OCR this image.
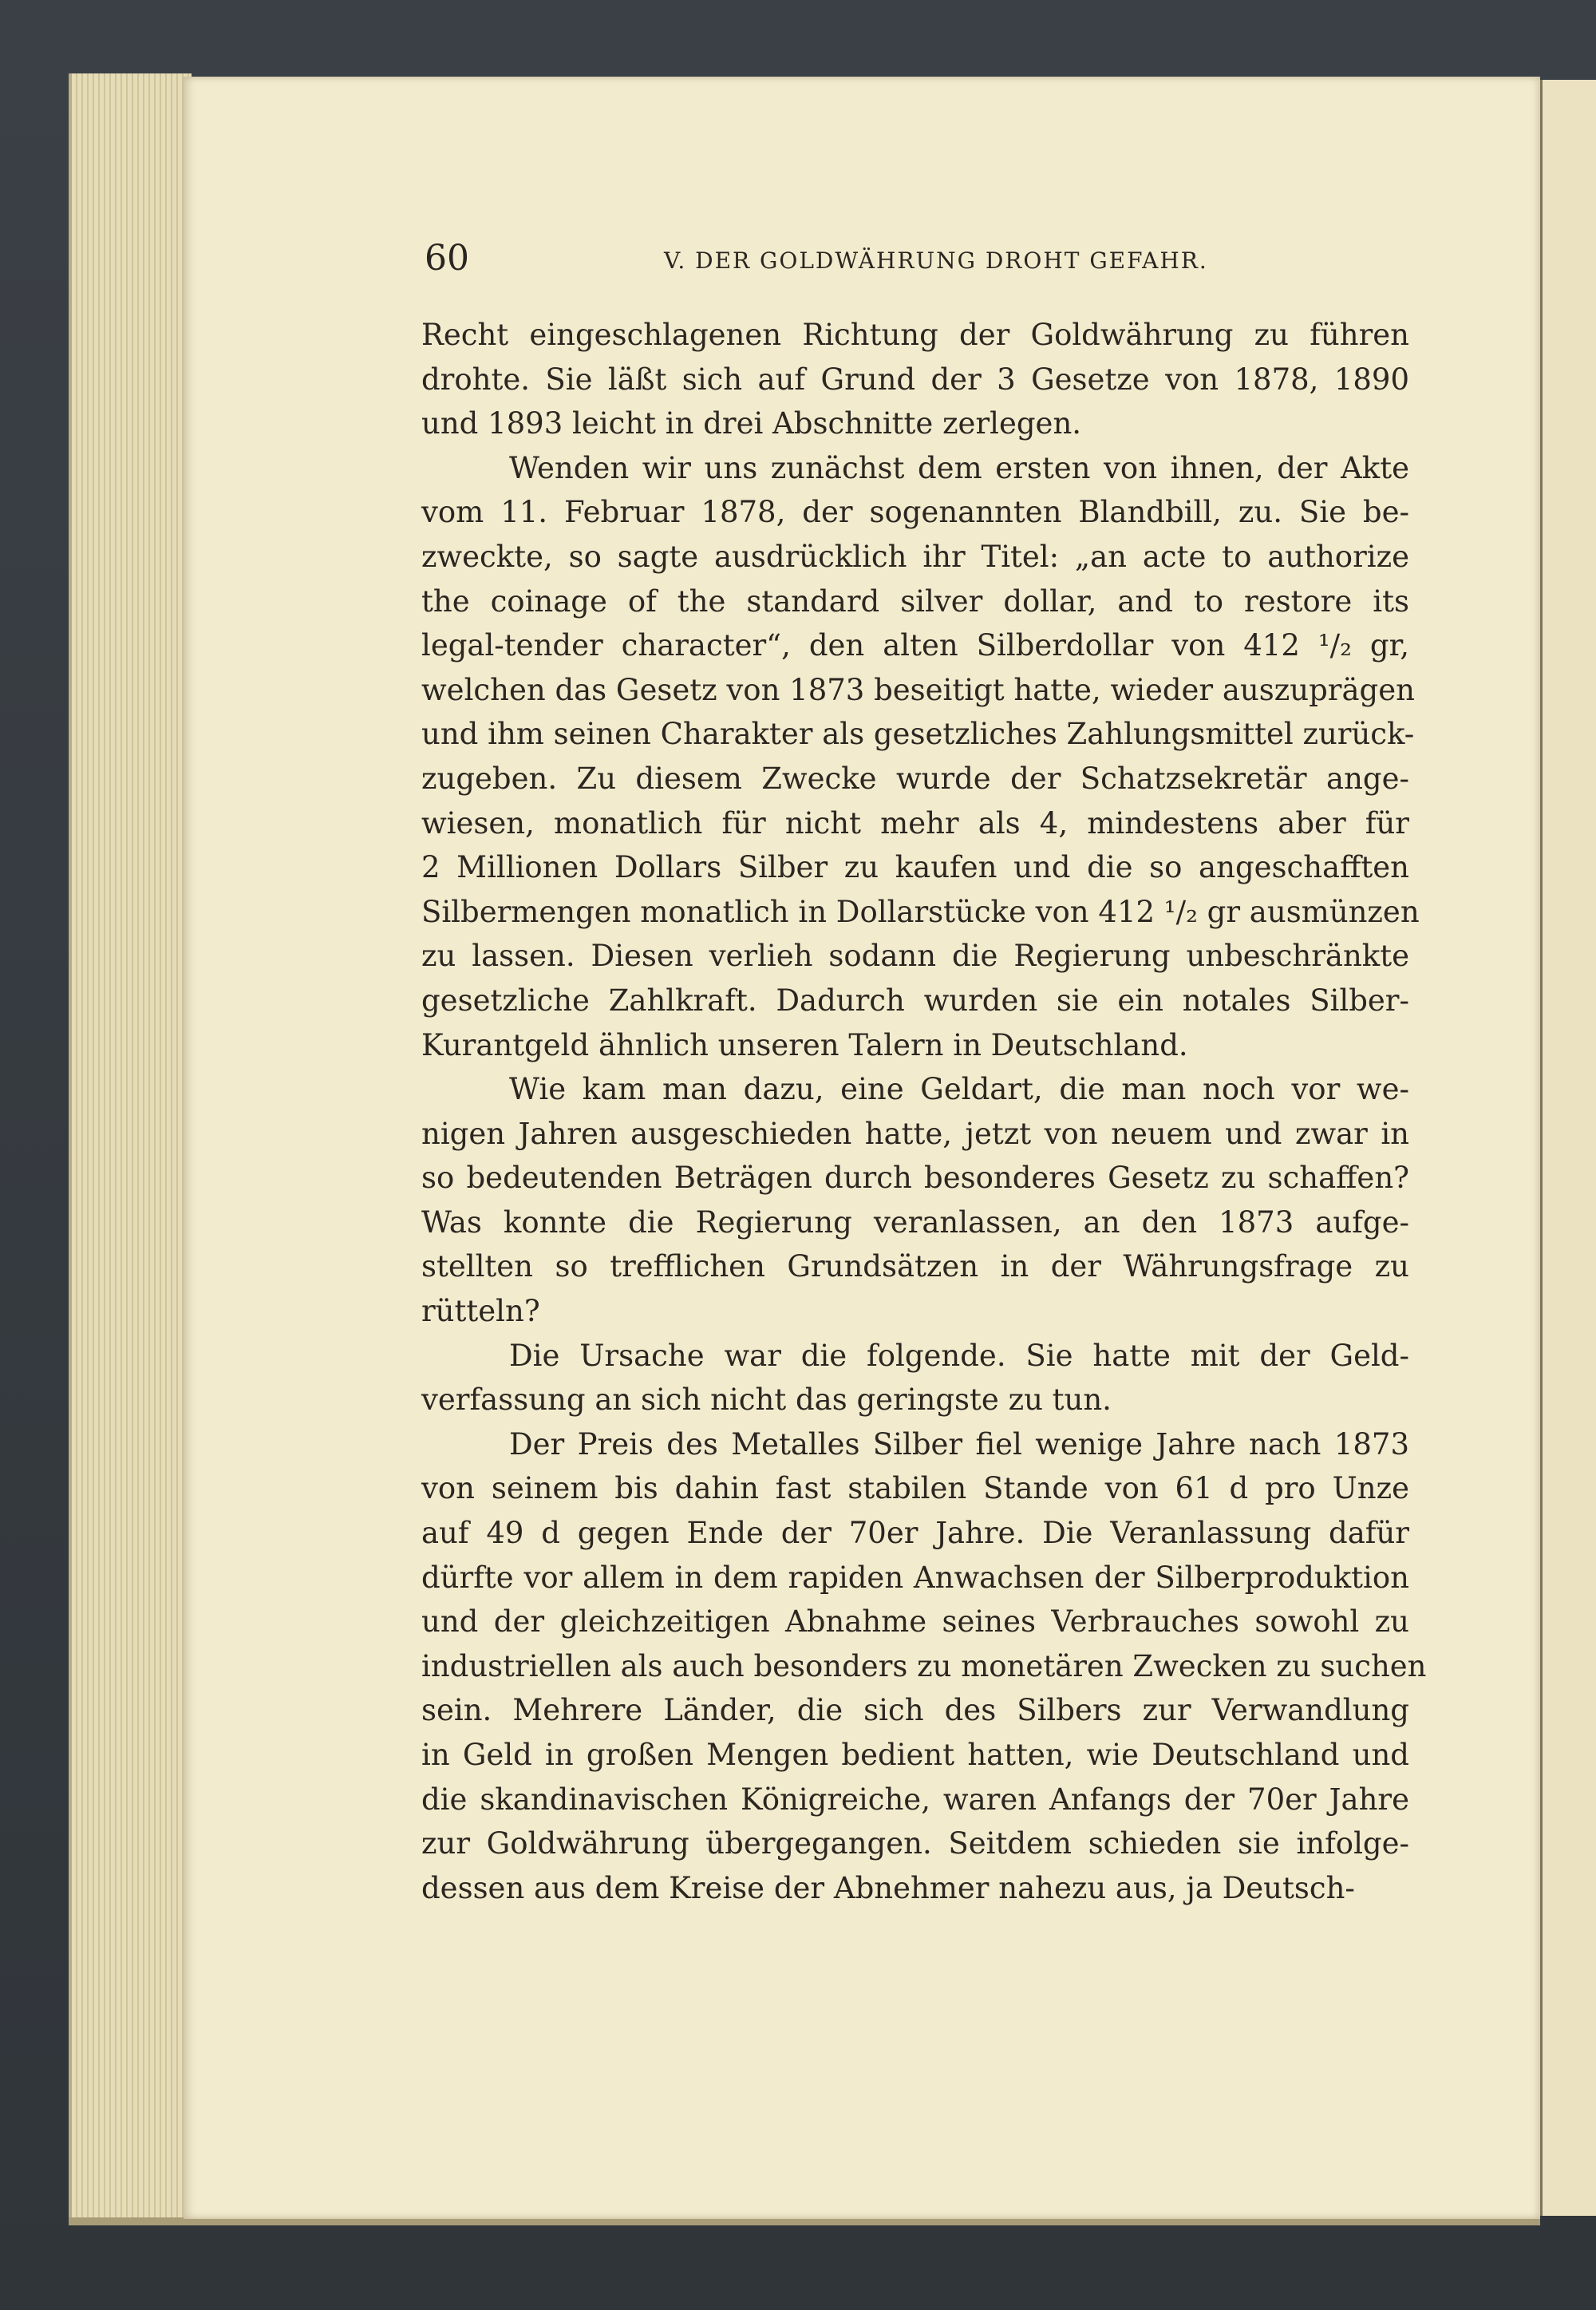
60	V. DER GOLDWÄHRUNG DROHT GEFAHR.
Recht eingeschlagenen Richtung der Goldwährung zu führen
drohte. Sie läßt sich auf Grund der 3 Gesetze von 1878, 1890
und 1893 leicht in drei Abschnitte zerlegen.
Wenden wir uns zunächst dem ersten von ihnen, der Akte
vom 11. Februar 1878, der sogenannten Blandbill, zu. Sie be-
zweckte, so sagte ausdrücklich ihr Titel: „an acte to authorize
the coinage of the standard silver dollar, and to restore its
legal-tender character“, den alten Silberdollar von 412 ¹/₂ gr,
welchen das Gesetz von 1873 beseitigt hatte, wieder auszuprägen
und ihm seinen Charakter als gesetzliches Zahlungsmittel zurück-
zugeben. Zu diesem Zwecke wurde der Schatzsekretär ange-
wiesen, monatlich für nicht mehr als 4, mindestens aber für
2 Millionen Dollars Silber zu kaufen und die so angeschafften
Silbermengen monatlich in Dollarstücke von 412 ¹/₂ gr ausmünzen
zu lassen. Diesen verlieh sodann die Regierung unbeschränkte
gesetzliche Zahlkraft. Dadurch wurden sie ein notales Silber-
Kurantgeld ähnlich unseren Talern in Deutschland.
Wie kam man dazu, eine Geldart, die man noch vor we-
nigen Jahren ausgeschieden hatte, jetzt von neuem und zwar in
so bedeutenden Beträgen durch besonderes Gesetz zu schaffen?
Was konnte die Regierung veranlassen, an den 1873 aufge-
stellten so trefflichen Grundsätzen in der Währungsfrage zu
rütteln?
Die Ursache war die folgende. Sie hatte mit der Geld-
verfassung an sich nicht das geringste zu tun.
Der Preis des Metalles Silber fiel wenige Jahre nach 1873
von seinem bis dahin fast stabilen Stande von 61 d pro Unze
auf 49 d gegen Ende der 70er Jahre. Die Veranlassung dafür
dürfte vor allem in dem rapiden Anwachsen der Silberproduktion
und der gleichzeitigen Abnahme seines Verbrauches sowohl zu
industriellen als auch besonders zu monetären Zwecken zu suchen
sein. Mehrere Länder, die sich des Silbers zur Verwandlung
in Geld in großen Mengen bedient hatten, wie Deutschland und
die skandinavischen Königreiche, waren Anfangs der 70er Jahre
zur Goldwährung übergegangen. Seitdem schieden sie infolge-
dessen aus dem Kreise der Abnehmer nahezu aus, ja Deutsch-
